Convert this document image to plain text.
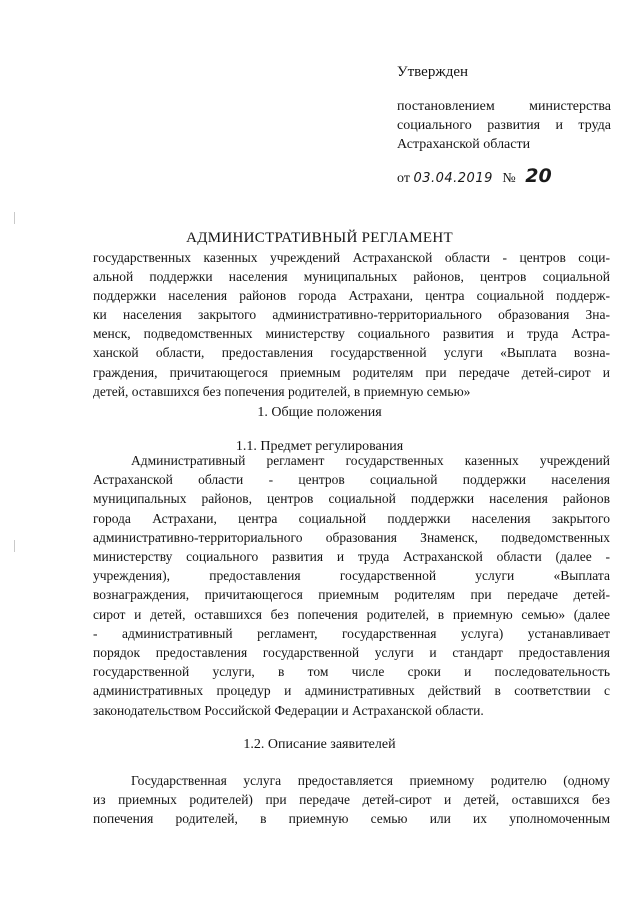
Утвержден
постановлением министерства
социального развития и труда
Астраханской области
от 03.04.2019 № 20
АДМИНИСТРАТИВНЫЙ РЕГЛАМЕНТ
государственных казенных учреждений Астраханской области - центров соци-
альной поддержки населения муниципальных районов, центров социальной
поддержки населения районов города Астрахани, центра социальной поддерж-
ки населения закрытого административно-территориального образования Зна-
менск, подведомственных министерству социального развития и труда Астра-
ханской области, предоставления государственной услуги «Выплата возна-
граждения, причитающегося приемным родителям при передаче детей-сирот и
детей, оставшихся без попечения родителей, в приемную семью»
1. Общие положения
1.1. Предмет регулирования
Административный регламент государственных казенных учреждений
Астраханской области - центров социальной поддержки населения
муниципальных районов, центров социальной поддержки населения районов
города Астрахани, центра социальной поддержки населения закрытого
административно-территориального образования Знаменск, подведомственных
министерству социального развития и труда Астраханской области (далее -
учреждения), предоставления государственной услуги «Выплата
вознаграждения, причитающегося приемным родителям при передаче детей-
сирот и детей, оставшихся без попечения родителей, в приемную семью» (далее
- административный регламент, государственная услуга) устанавливает
порядок предоставления государственной услуги и стандарт предоставления
государственной услуги, в том числе сроки и последовательность
административных процедур и административных действий в соответствии с
законодательством Российской Федерации и Астраханской области.
1.2. Описание заявителей
Государственная услуга предоставляется приемному родителю (одному
из приемных родителей) при передаче детей-сирот и детей, оставшихся без
попечения родителей, в приемную семью или их уполномоченным
